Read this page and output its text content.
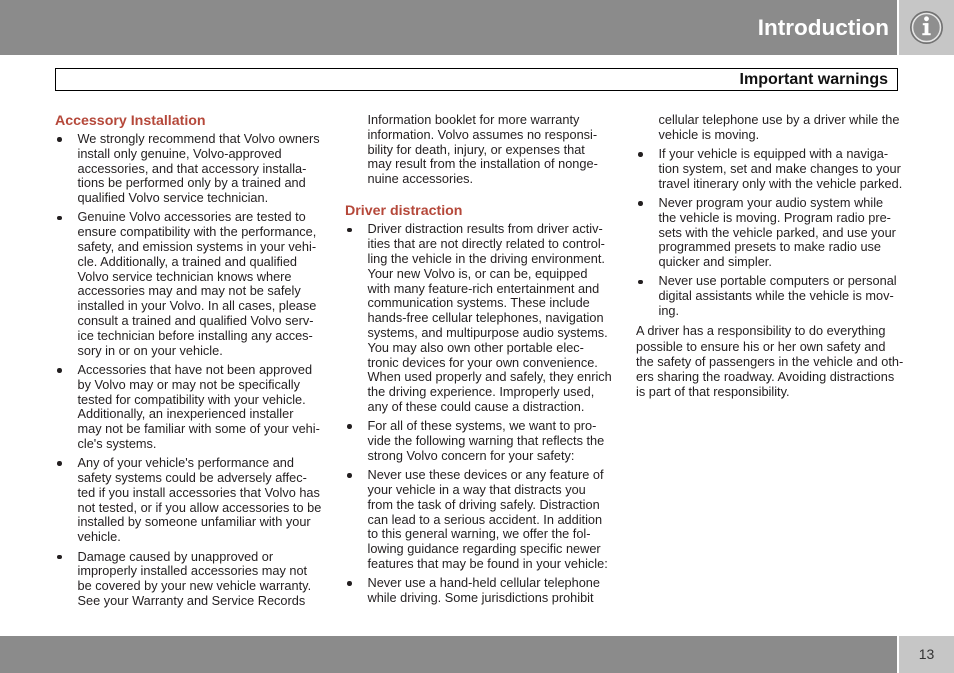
Introduction
Important warnings
Accessory Installation
We strongly recommend that Volvo owners
install only genuine, Volvo-approved
accessories, and that accessory installa-
tions be performed only by a trained and
qualified Volvo service technician.
Genuine Volvo accessories are tested to
ensure compatibility with the performance,
safety, and emission systems in your vehi-
cle. Additionally, a trained and qualified
Volvo service technician knows where
accessories may and may not be safely
installed in your Volvo. In all cases, please
consult a trained and qualified Volvo serv-
ice technician before installing any acces-
sory in or on your vehicle.
Accessories that have not been approved
by Volvo may or may not be specifically
tested for compatibility with your vehicle.
Additionally, an inexperienced installer
may not be familiar with some of your vehi-
cle's systems.
Any of your vehicle's performance and
safety systems could be adversely affec-
ted if you install accessories that Volvo has
not tested, or if you allow accessories to be
installed by someone unfamiliar with your
vehicle.
Damage caused by unapproved or
improperly installed accessories may not
be covered by your new vehicle warranty.
See your Warranty and Service Records
Information booklet for more warranty
information. Volvo assumes no responsi-
bility for death, injury, or expenses that
may result from the installation of nonge-
nuine accessories.
Driver distraction
Driver distraction results from driver activ-
ities that are not directly related to control-
ling the vehicle in the driving environment.
Your new Volvo is, or can be, equipped
with many feature-rich entertainment and
communication systems. These include
hands-free cellular telephones, navigation
systems, and multipurpose audio systems.
You may also own other portable elec-
tronic devices for your own convenience.
When used properly and safely, they enrich
the driving experience. Improperly used,
any of these could cause a distraction.
For all of these systems, we want to pro-
vide the following warning that reflects the
strong Volvo concern for your safety:
Never use these devices or any feature of
your vehicle in a way that distracts you
from the task of driving safely. Distraction
can lead to a serious accident. In addition
to this general warning, we offer the fol-
lowing guidance regarding specific newer
features that may be found in your vehicle:
Never use a hand-held cellular telephone
while driving. Some jurisdictions prohibit
cellular telephone use by a driver while the
vehicle is moving.
If your vehicle is equipped with a naviga-
tion system, set and make changes to your
travel itinerary only with the vehicle parked.
Never program your audio system while
the vehicle is moving. Program radio pre-
sets with the vehicle parked, and use your
programmed presets to make radio use
quicker and simpler.
Never use portable computers or personal
digital assistants while the vehicle is mov-
ing.
A driver has a responsibility to do everything
possible to ensure his or her own safety and
the safety of passengers in the vehicle and oth-
ers sharing the roadway. Avoiding distractions
is part of that responsibility.
13
